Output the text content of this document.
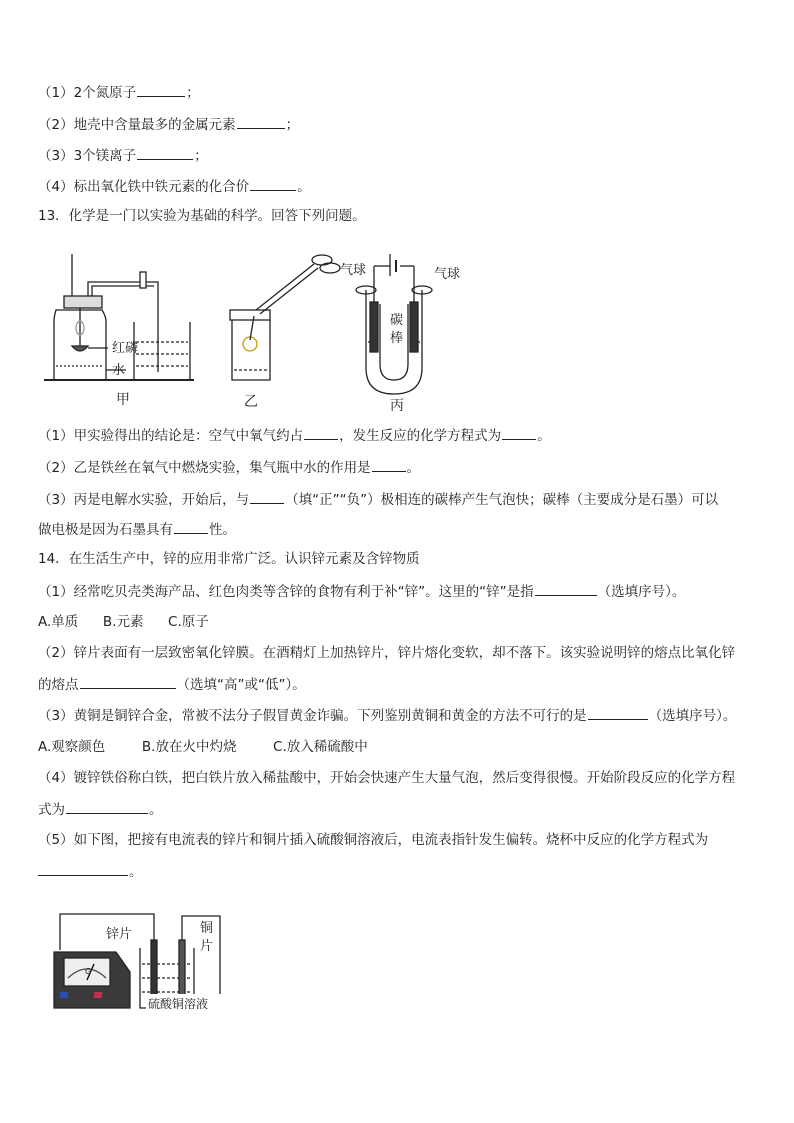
（1）2个氮原子	；
（2）地壳中含量最多的金属元素	；
（3）3个镁离子	；
（4）标出氧化铁中铁元素的化合价	。
13．化学是一门以实验为基础的科学。回答下列问题。
红磷
水
气球	气球
碳
棒
甲	乙	丙
（1）甲实验得出的结论是：空气中氧气约占	，发生反应的化学方程式为	。
（2）乙是铁丝在氧气中燃烧实验，集气瓶中水的作用是	。
（3）丙是电解水实验，开始后，与	（填“正”“负”）极相连的碳棒产生气泡快；碳棒（主要成分是石墨）可以
做电极是因为石墨具有	性。
14．在生活生产中，锌的应用非常广泛。认识锌元素及含锌物质
（1）经常吃贝壳类海产品、红色肉类等含锌的食物有利于补“锌”。这里的“锌”是指	（选填序号）。
A.单质 B.元素 C.原子
（2）锌片表面有一层致密氧化锌膜。在酒精灯上加热锌片，锌片熔化变软，却不落下。该实验说明锌的熔点比氧化锌
的熔点	（选填“高”或“低”）。
（3）黄铜是铜锌合金，常被不法分子假冒黄金诈骗。下列鉴别黄铜和黄金的方法不可行的是	（选填序号）。
A.观察颜色	B.放在火中灼烧	C.放入稀硫酸中
（4）镀锌铁俗称白铁，把白铁片放入稀盐酸中，开始会快速产生大量气泡，然后变得很慢。开始阶段反应的化学方程
式为	。
（5）如下图，把接有电流表的锌片和铜片插入硫酸铜溶液后，电流表指针发生偏转。烧杯中反应的化学方程式为
。
G
锌片	铜
片
硫酸铜溶液
